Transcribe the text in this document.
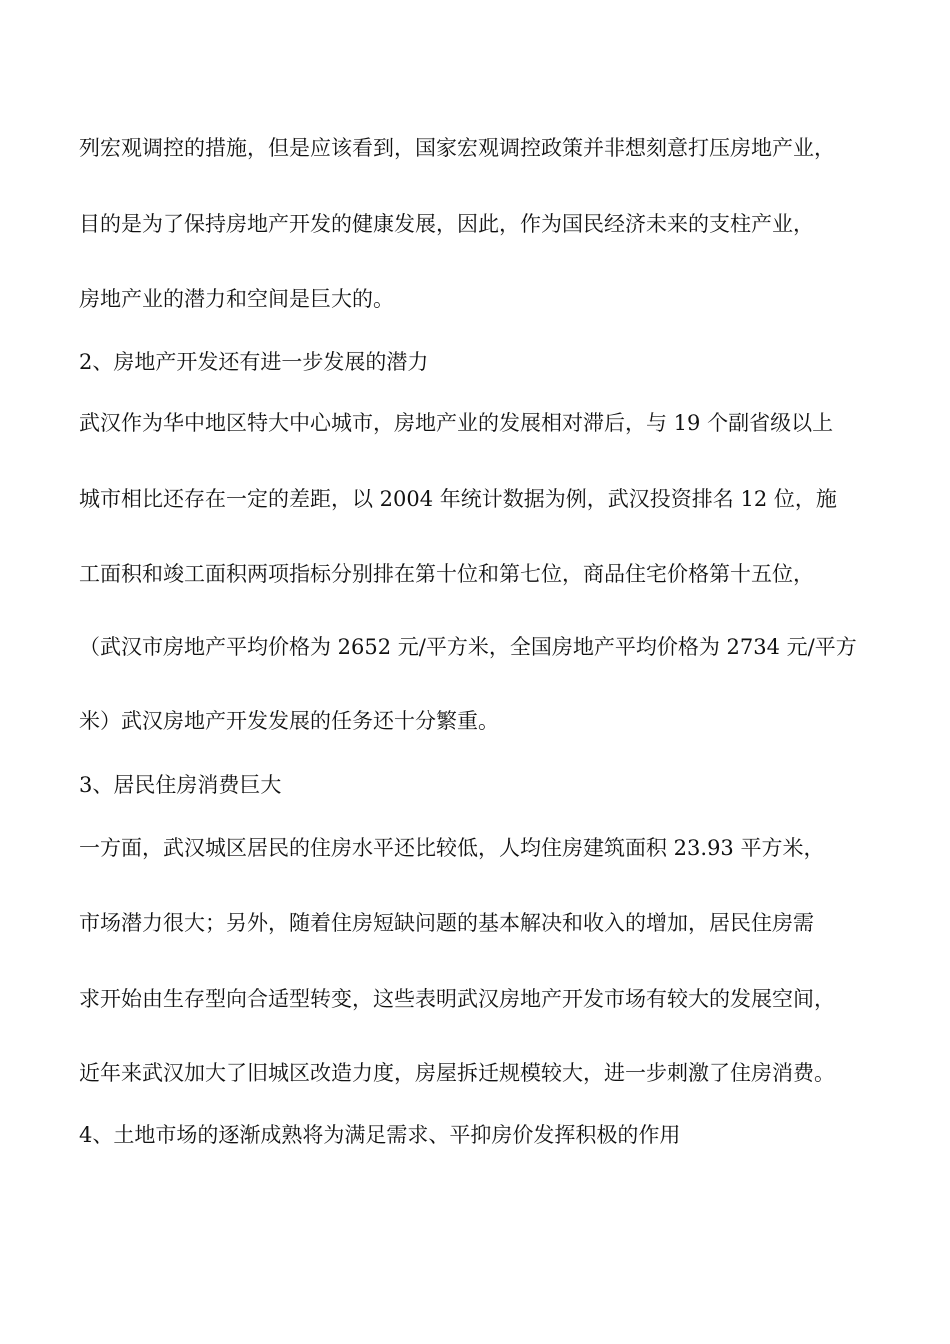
列宏观调控的措施，但是应该看到，国家宏观调控政策并非想刻意打压房地产业，
目的是为了保持房地产开发的健康发展，因此，作为国民经济未来的支柱产业，
房地产业的潜力和空间是巨大的。
2、房地产开发还有进一步发展的潜力
武汉作为华中地区特大中心城市，房地产业的发展相对滞后，与 19 个副省级以上
城市相比还存在一定的差距，以 2004 年统计数据为例，武汉投资排名 12 位，施
工面积和竣工面积两项指标分别排在第十位和第七位，商品住宅价格第十五位，
（武汉市房地产平均价格为 2652 元/平方米，全国房地产平均价格为 2734 元/平方
米）武汉房地产开发发展的任务还十分繁重。
3、居民住房消费巨大
一方面，武汉城区居民的住房水平还比较低，人均住房建筑面积 23.93 平方米，
市场潜力很大；另外，随着住房短缺问题的基本解决和收入的增加，居民住房需
求开始由生存型向合适型转变，这些表明武汉房地产开发市场有较大的发展空间，
近年来武汉加大了旧城区改造力度，房屋拆迁规模较大，进一步刺激了住房消费。
4、土地市场的逐渐成熟将为满足需求、平抑房价发挥积极的作用
